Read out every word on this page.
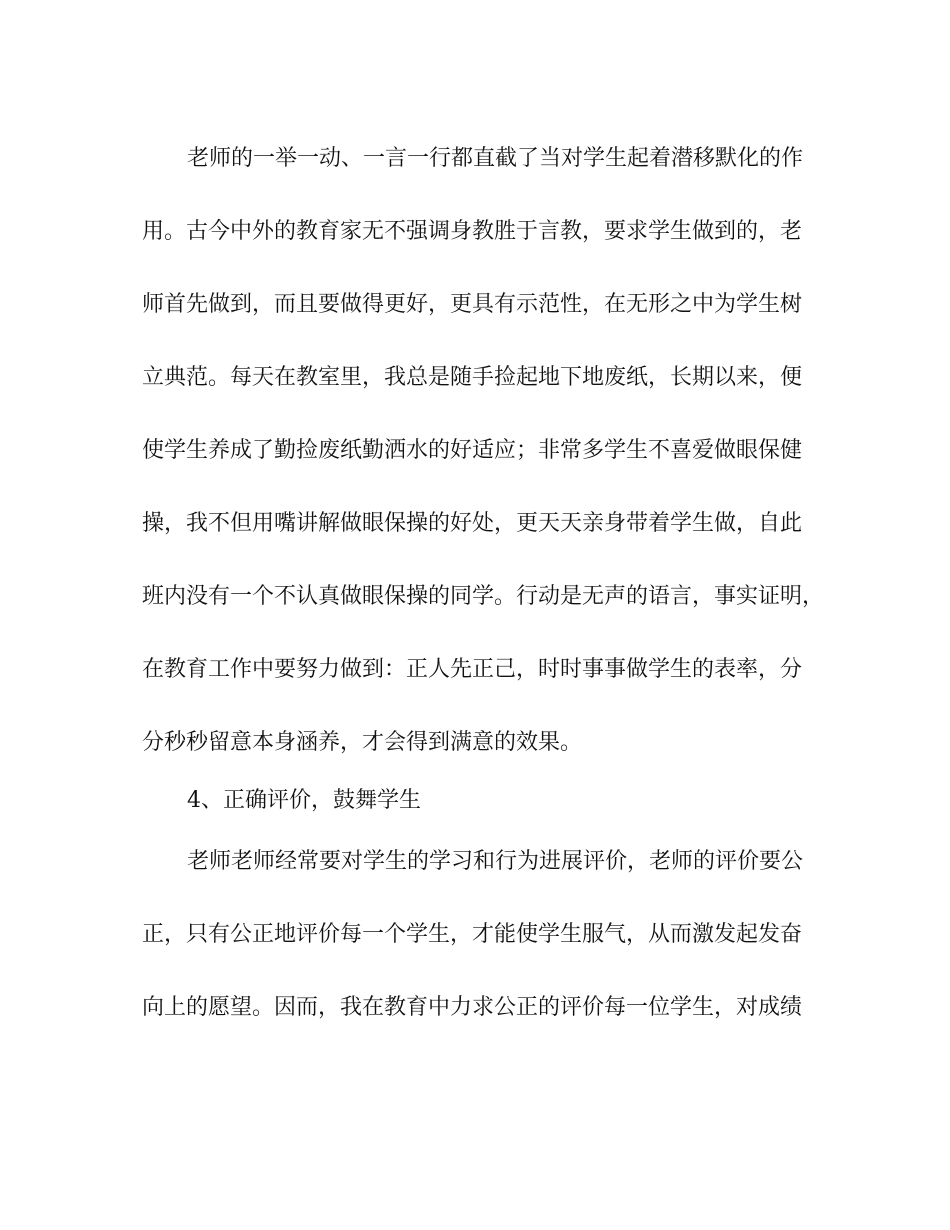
老师的一举一动、一言一行都直截了当对学生起着潜移默化的作
用。古今中外的教育家无不强调身教胜于言教，要求学生做到的，老
师首先做到，而且要做得更好，更具有示范性，在无形之中为学生树
立典范。每天在教室里，我总是随手捡起地下地废纸，长期以来，便
使学生养成了勤捡废纸勤洒水的好适应；非常多学生不喜爱做眼保健
操，我不但用嘴讲解做眼保操的好处，更天天亲身带着学生做，自此
班内没有一个不认真做眼保操的同学。行动是无声的语言，事实证明，
在教育工作中要努力做到：正人先正己，时时事事做学生的表率，分
分秒秒留意本身涵养，才会得到满意的效果。
4、正确评价，鼓舞学生
老师老师经常要对学生的学习和行为进展评价，老师的评价要公
正，只有公正地评价每一个学生，才能使学生服气，从而激发起发奋
向上的愿望。因而，我在教育中力求公正的评价每一位学生，对成绩
